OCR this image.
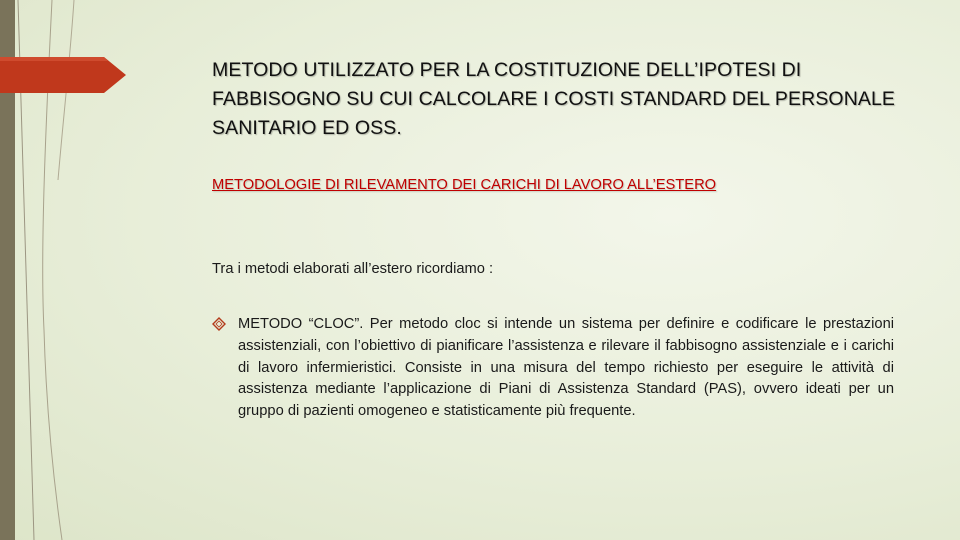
METODO UTILIZZATO PER LA COSTITUZIONE DELL’IPOTESI DI FABBISOGNO SU CUI CALCOLARE I COSTI STANDARD DEL PERSONALE SANITARIO ED OSS.
METODOLOGIE DI RILEVAMENTO DEI CARICHI DI LAVORO ALL’ESTERO
Tra i metodi elaborati all’estero ricordiamo :
METODO “CLOC”. Per metodo cloc si intende un sistema per definire e codificare le prestazioni assistenziali, con l’obiettivo di pianificare l’assistenza e rilevare il fabbisogno assistenziale e i carichi di lavoro infermieristici. Consiste in una misura del tempo richiesto per eseguire le attività di assistenza mediante l’applicazione di Piani di Assistenza Standard (PAS), ovvero ideati per un gruppo di pazienti omogeneo e statisticamente più frequente.
